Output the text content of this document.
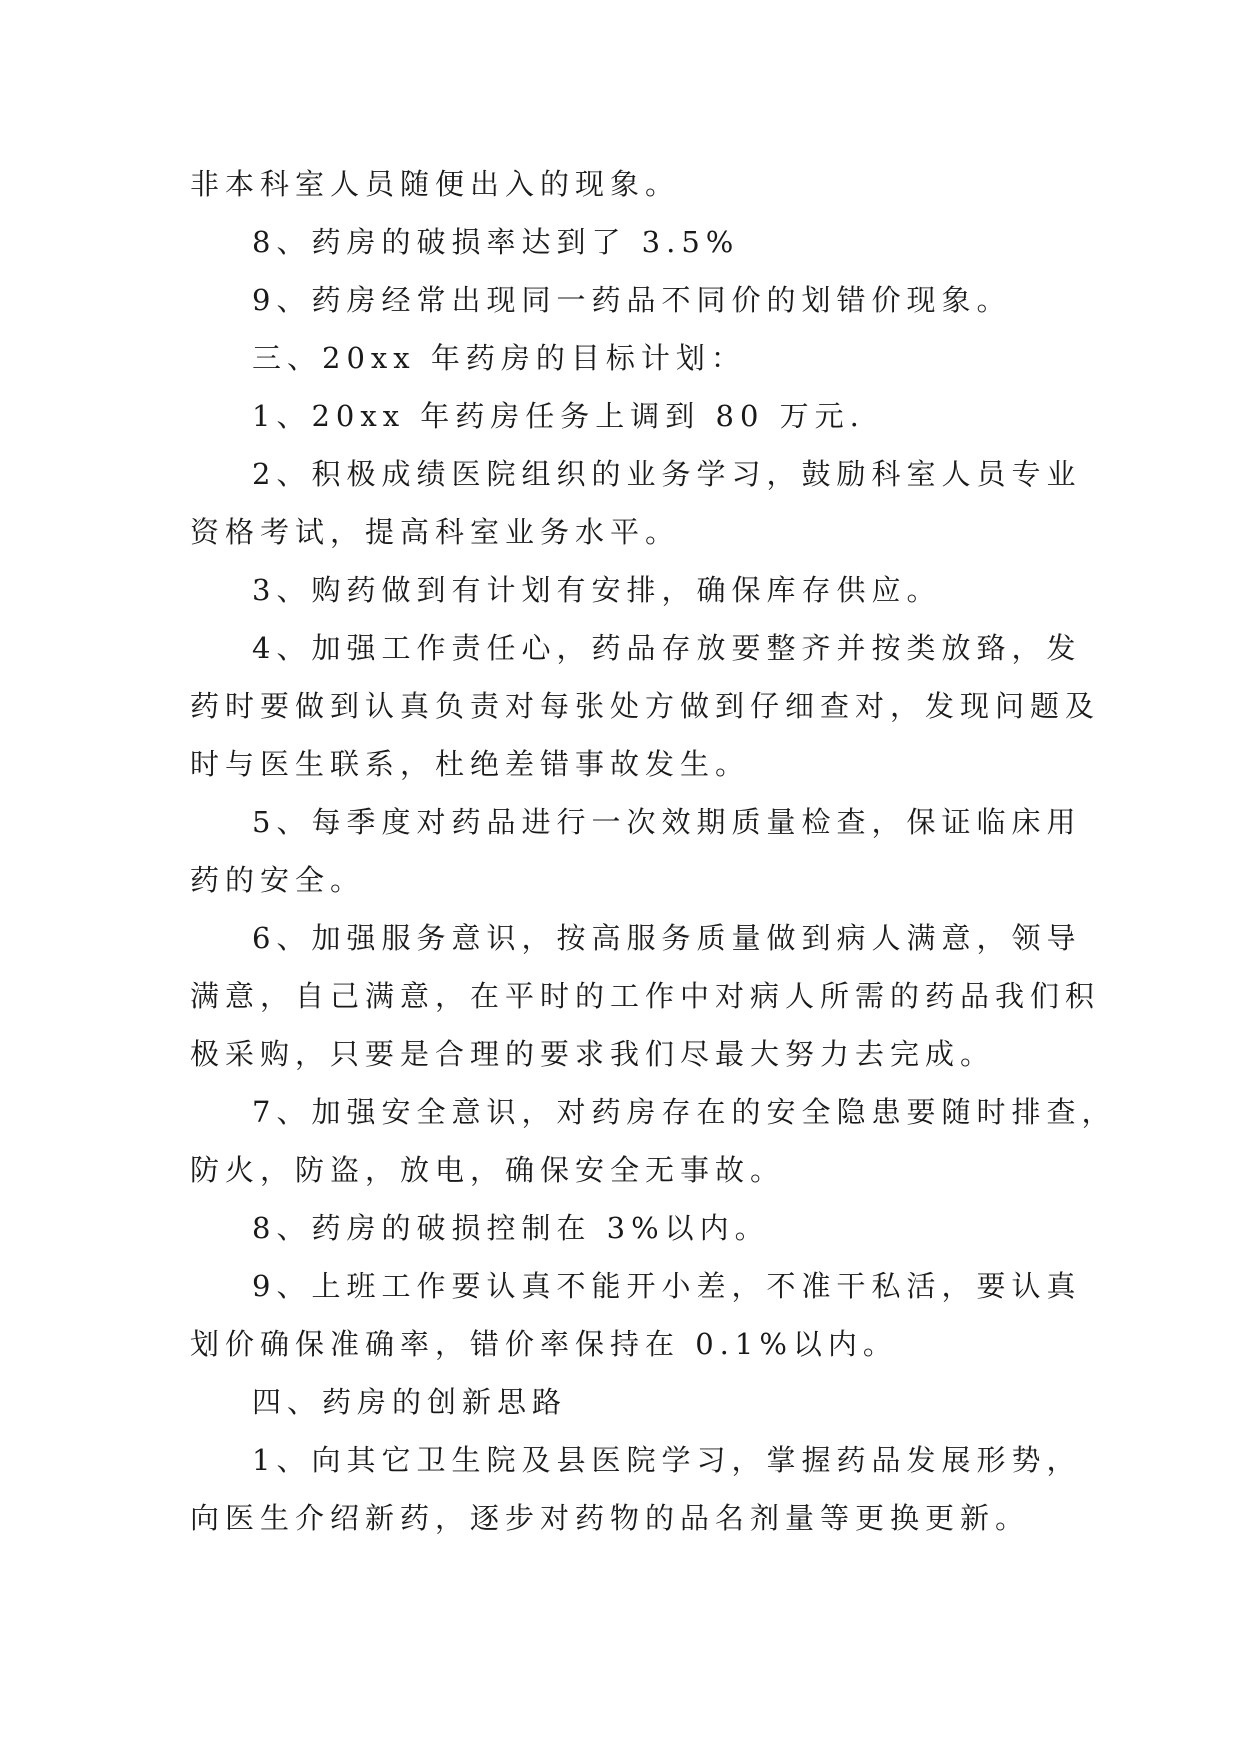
非本科室人员随便出入的现象。
8、药房的破损率达到了 3.5%
9、药房经常出现同一药品不同价的划错价现象。
三、20xx 年药房的目标计划：
1、20xx 年药房任务上调到 80 万元.
2、积极成绩医院组织的业务学习，鼓励科室人员专业
资格考试，提高科室业务水平。
3、购药做到有计划有安排，确保库存供应。
4、加强工作责任心，药品存放要整齐并按类放臵，发
药时要做到认真负责对每张处方做到仔细查对，发现问题及
时与医生联系，杜绝差错事故发生。
5、每季度对药品进行一次效期质量检查，保证临床用
药的安全。
6、加强服务意识，按高服务质量做到病人满意，领导
满意，自己满意，在平时的工作中对病人所需的药品我们积
极采购，只要是合理的要求我们尽最大努力去完成。
7、加强安全意识，对药房存在的安全隐患要随时排查，
防火，防盗，放电，确保安全无事故。
8、药房的破损控制在 3%以内。
9、上班工作要认真不能开小差，不准干私活，要认真
划价确保准确率，错价率保持在 0.1%以内。
四、药房的创新思路
1、向其它卫生院及县医院学习，掌握药品发展形势，
向医生介绍新药，逐步对药物的品名剂量等更换更新。
